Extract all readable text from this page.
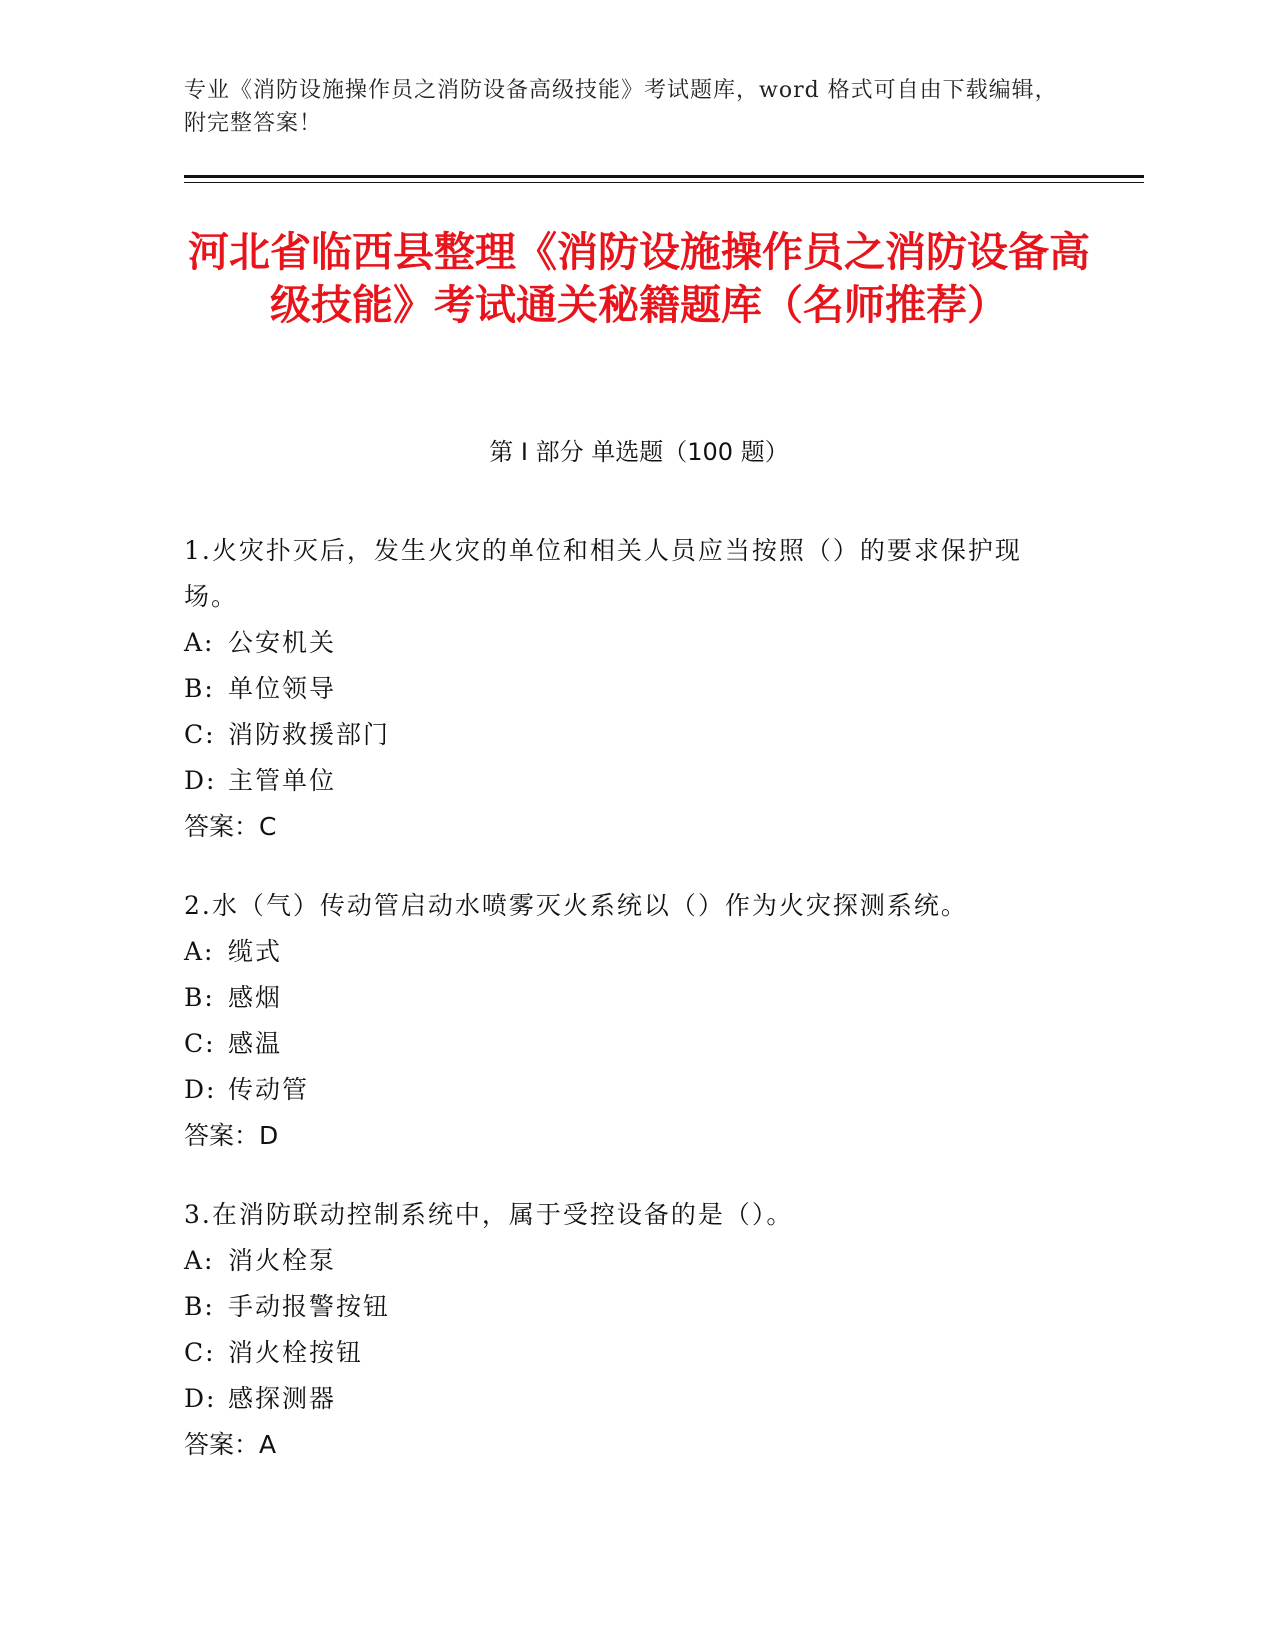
专业《消防设施操作员之消防设备高级技能》考试题库，word 格式可自由下载编辑，附完整答案！
河北省临西县整理《消防设施操作员之消防设备高级技能》考试通关秘籍题库（名师推荐）
第 I 部分 单选题（100 题）

1.火灾扑灭后，发生火灾的单位和相关人员应当按照（）的要求保护现场。

A: 公安机关

B: 单位领导

C: 消防救援部门

D: 主管单位

答案：C

2.水（气）传动管启动水喷雾灭火系统以（）作为火灾探测系统。

A: 缆式

B: 感烟

C: 感温

D: 传动管

答案：D

3.在消防联动控制系统中，属于受控设备的是（）。

A: 消火栓泵

B: 手动报警按钮

C: 消火栓按钮

D: 感探测器

答案：A
